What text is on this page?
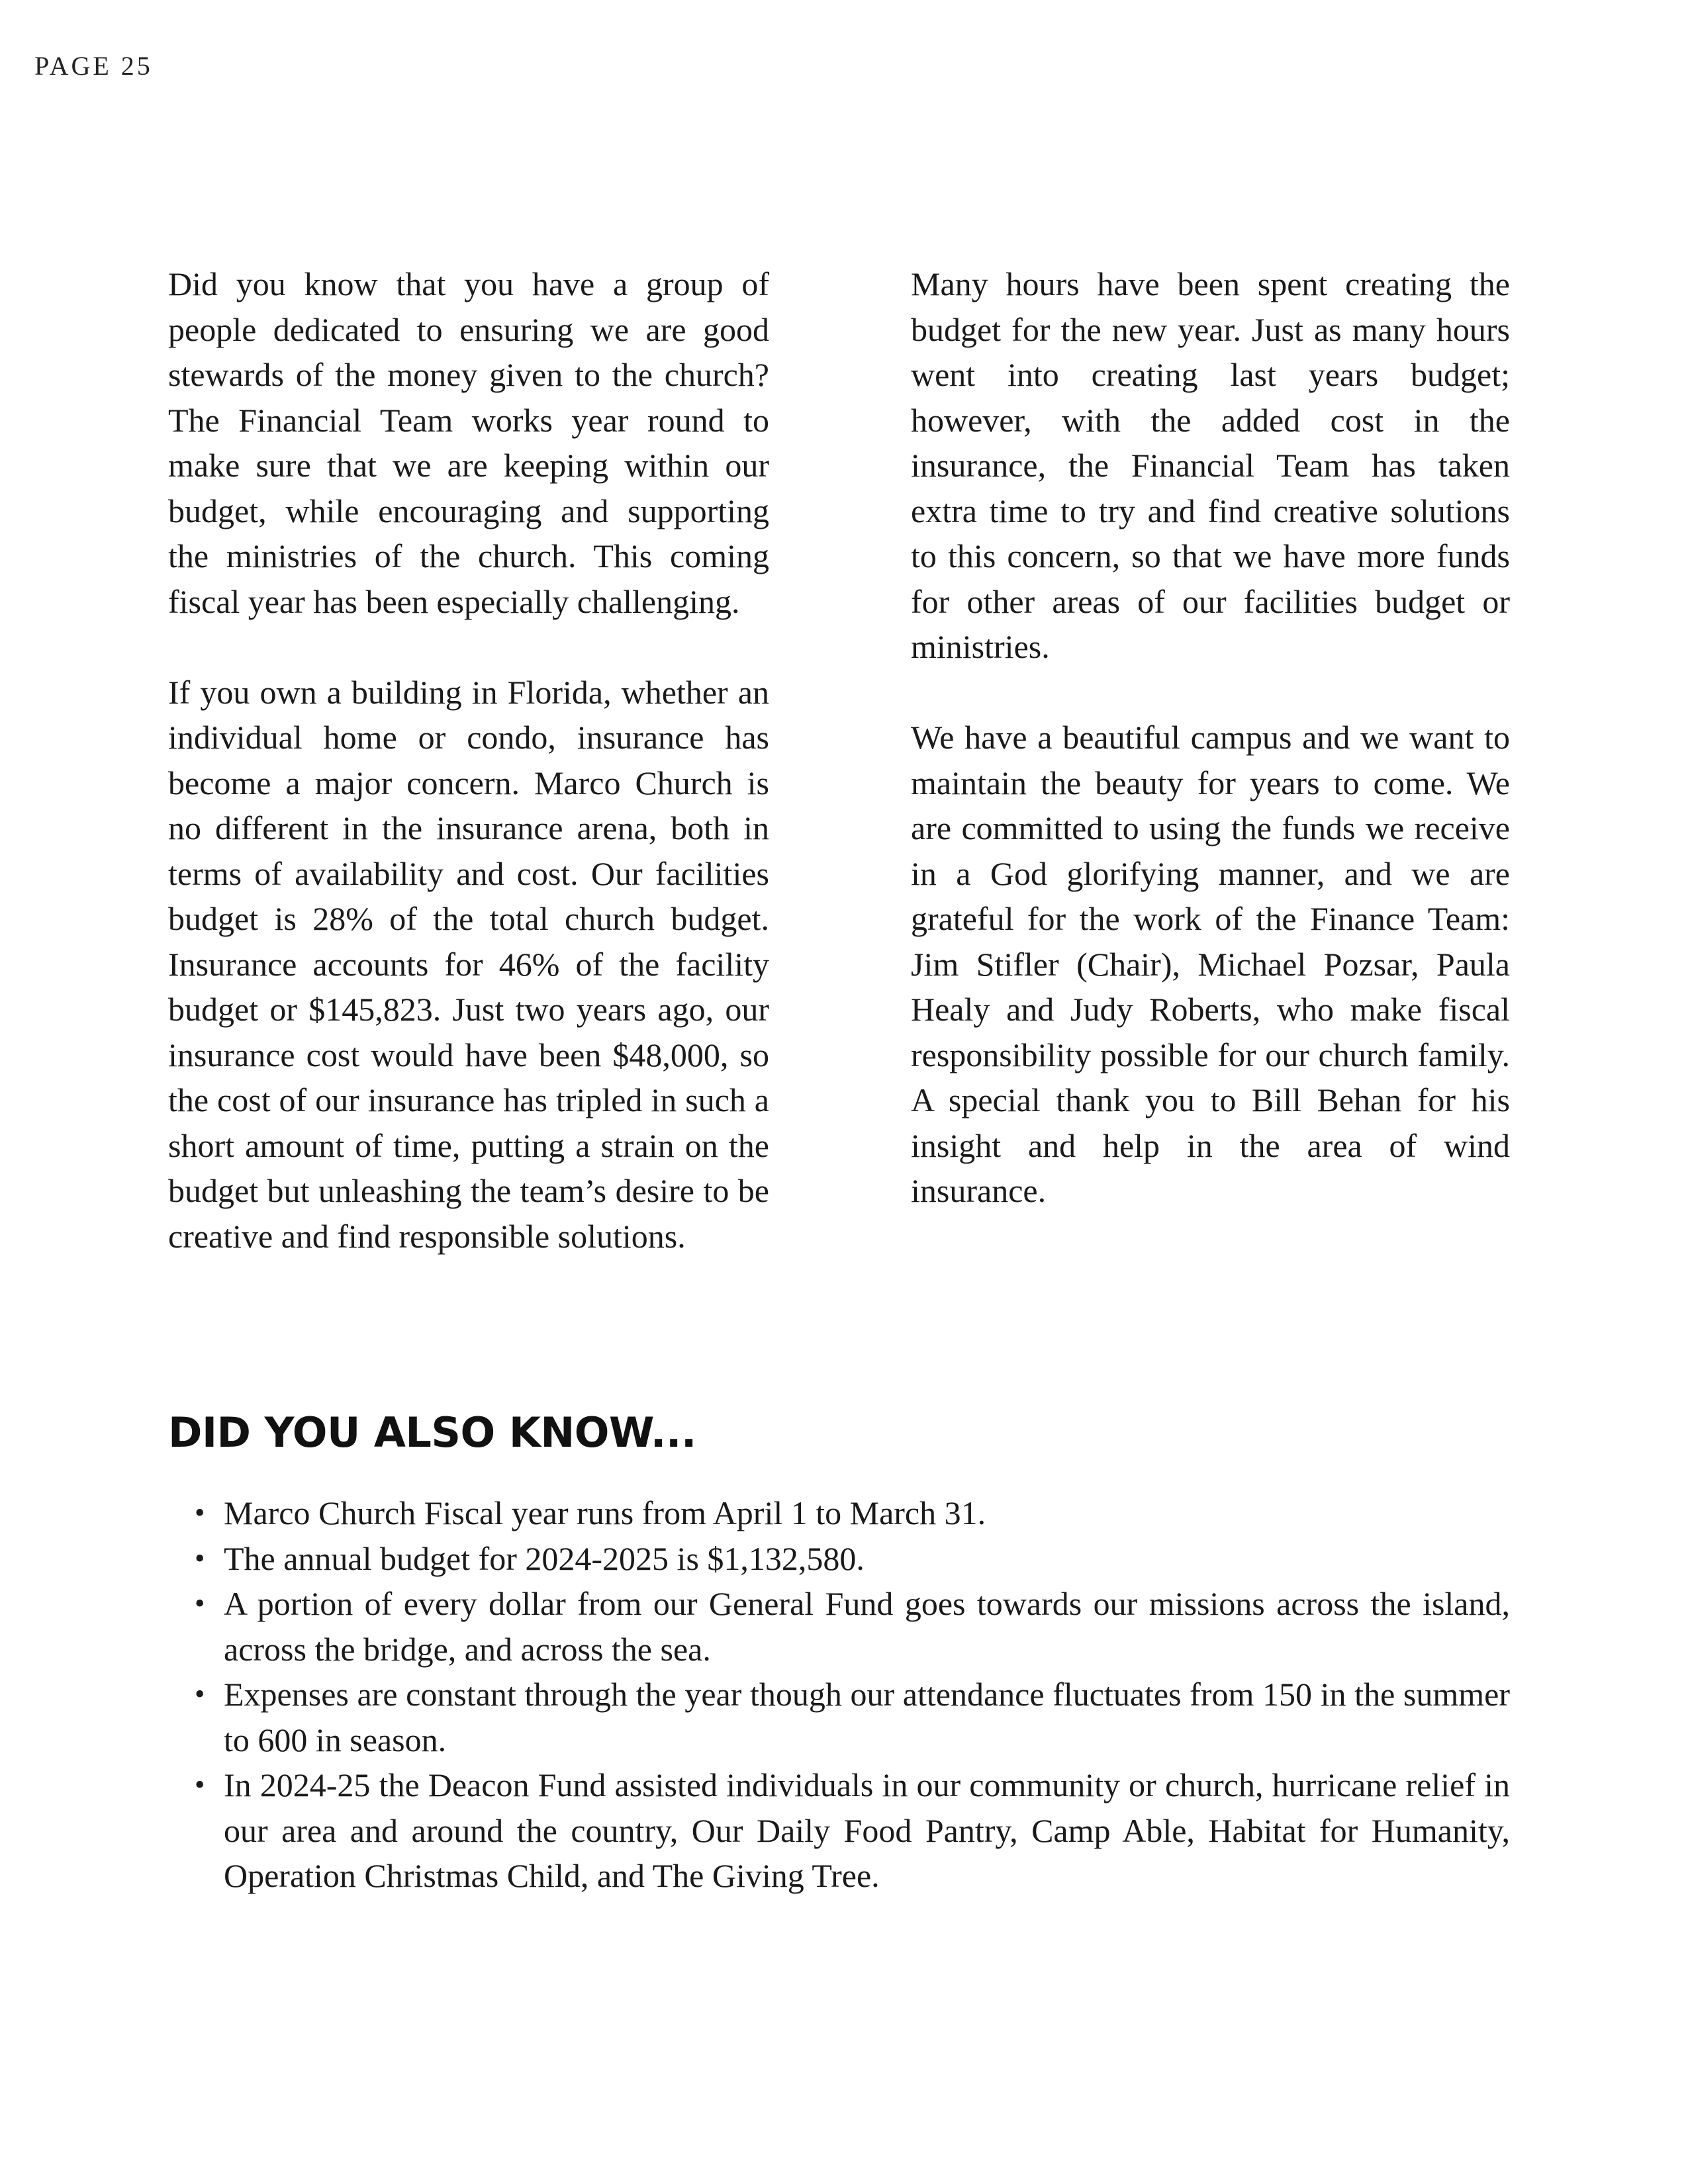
PAGE 25

Did you know that you have a group of people dedicated to ensuring we are good stewards of the money given to the church? The Financial Team works year round to make sure that we are keeping within our budget, while encouraging and supporting the ministries of the church. This coming fiscal year has been especially challenging.

If you own a building in Florida, whether an individual home or condo, insurance has become a major concern. Marco Church is no different in the insurance arena, both in terms of availability and cost. Our facilities budget is 28% of the total church budget. Insurance accounts for 46% of the facility budget or $145,823. Just two years ago, our insurance cost would have been $48,000, so the cost of our insurance has tripled in such a short amount of time, putting a strain on the budget but unleashing the team’s desire to be creative and find responsible solutions.

Many hours have been spent creating the budget for the new year. Just as many hours went into creating last years budget; however, with the added cost in the insurance, the Financial Team has taken extra time to try and find creative solutions to this concern, so that we have more funds for other areas of our facilities budget or ministries.

We have a beautiful campus and we want to maintain the beauty for years to come. We are committed to using the funds we receive in a God glorifying manner, and we are grateful for the work of the Finance Team: Jim Stifler (Chair), Michael Pozsar, Paula Healy and Judy Roberts, who make fiscal responsibility possible for our church family. A special thank you to Bill Behan for his insight and help in the area of wind insurance.

DID YOU ALSO KNOW...
• Marco Church Fiscal year runs from April 1 to March 31.
• The annual budget for 2024-2025 is $1,132,580.
• A portion of every dollar from our General Fund goes towards our missions across the island, across the bridge, and across the sea.
• Expenses are constant through the year though our attendance fluctuates from 150 in the summer to 600 in season.
• In 2024-25 the Deacon Fund assisted individuals in our community or church, hurricane relief in our area and around the country, Our Daily Food Pantry, Camp Able, Habitat for Humanity, Operation Christmas Child, and The Giving Tree.
